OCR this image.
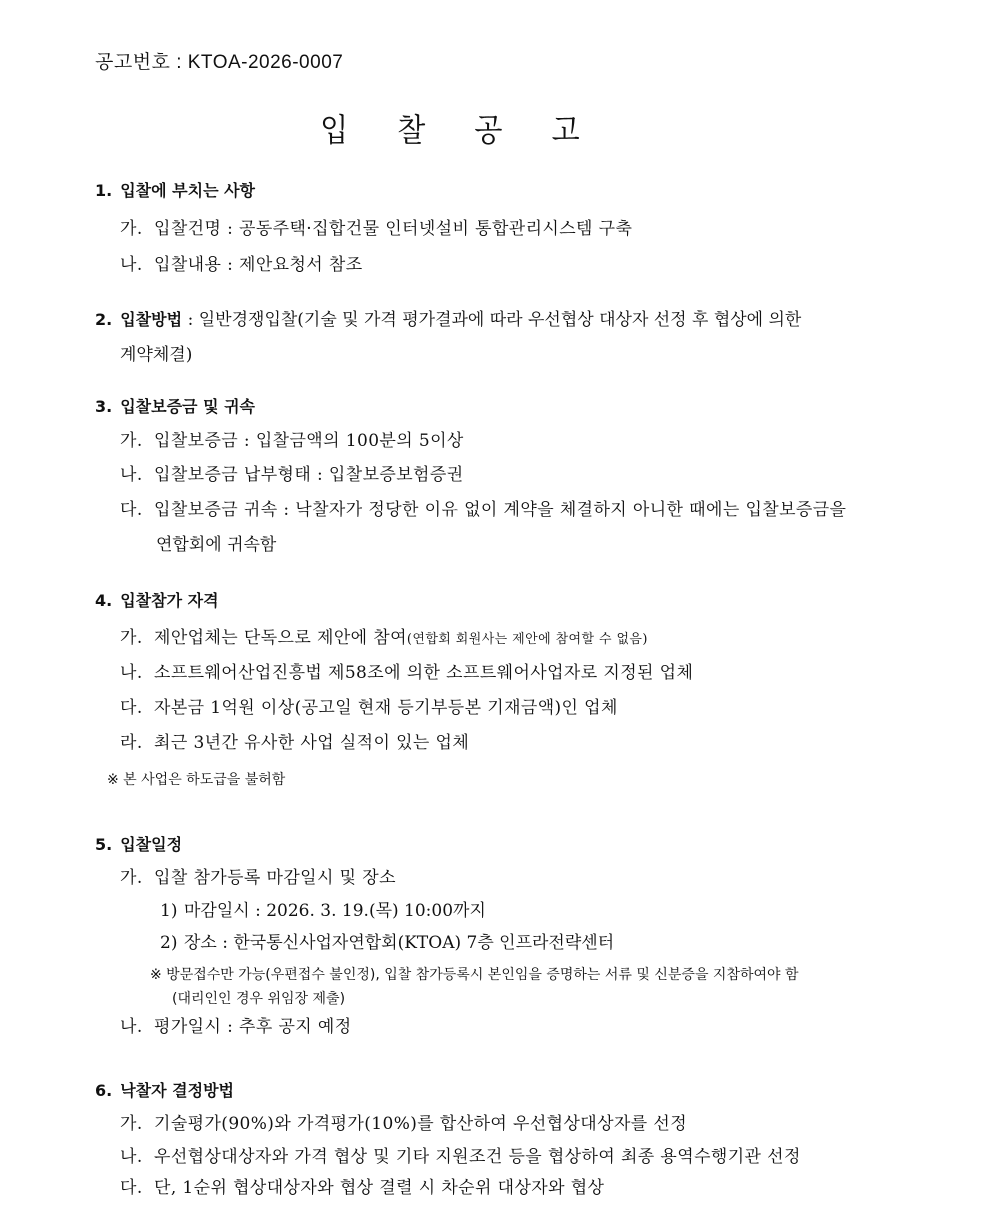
공고번호 : KTOA-2026-0007
입 찰 공 고
1. 입찰에 부치는 사항
가. 입찰건명 : 공동주택·집합건물 인터넷설비 통합관리시스템 구축
나. 입찰내용 : 제안요청서 참조
2. 입찰방법 : 일반경쟁입찰(기술 및 가격 평가결과에 따라 우선협상 대상자 선정 후 협상에 의한
계약체결)
3. 입찰보증금 및 귀속
가. 입찰보증금 : 입찰금액의 100분의 5이상
나. 입찰보증금 납부형태 : 입찰보증보험증권
다. 입찰보증금 귀속 : 낙찰자가 정당한 이유 없이 계약을 체결하지 아니한 때에는 입찰보증금을
연합회에 귀속함
4. 입찰참가 자격
가. 제안업체는 단독으로 제안에 참여(연합회 회원사는 제안에 참여할 수 없음)
나. 소프트웨어산업진흥법 제58조에 의한 소프트웨어사업자로 지정된 업체
다. 자본금 1억원 이상(공고일 현재 등기부등본 기재금액)인 업체
라. 최근 3년간 유사한 사업 실적이 있는 업체
※ 본 사업은 하도급을 불허함
5. 입찰일정
가. 입찰 참가등록 마감일시 및 장소
1) 마감일시 : 2026. 3. 19.(목) 10:00까지
2) 장소 : 한국통신사업자연합회(KTOA) 7층 인프라전략센터
※ 방문접수만 가능(우편접수 불인정), 입찰 참가등록시 본인임을 증명하는 서류 및 신분증을 지참하여야 함
(대리인인 경우 위임장 제출)
나. 평가일시 : 추후 공지 예정
6. 낙찰자 결정방법
가. 기술평가(90%)와 가격평가(10%)를 합산하여 우선협상대상자를 선정
나. 우선협상대상자와 가격 협상 및 기타 지원조건 등을 협상하여 최종 용역수행기관 선정
다. 단, 1순위 협상대상자와 협상 결렬 시 차순위 대상자와 협상
